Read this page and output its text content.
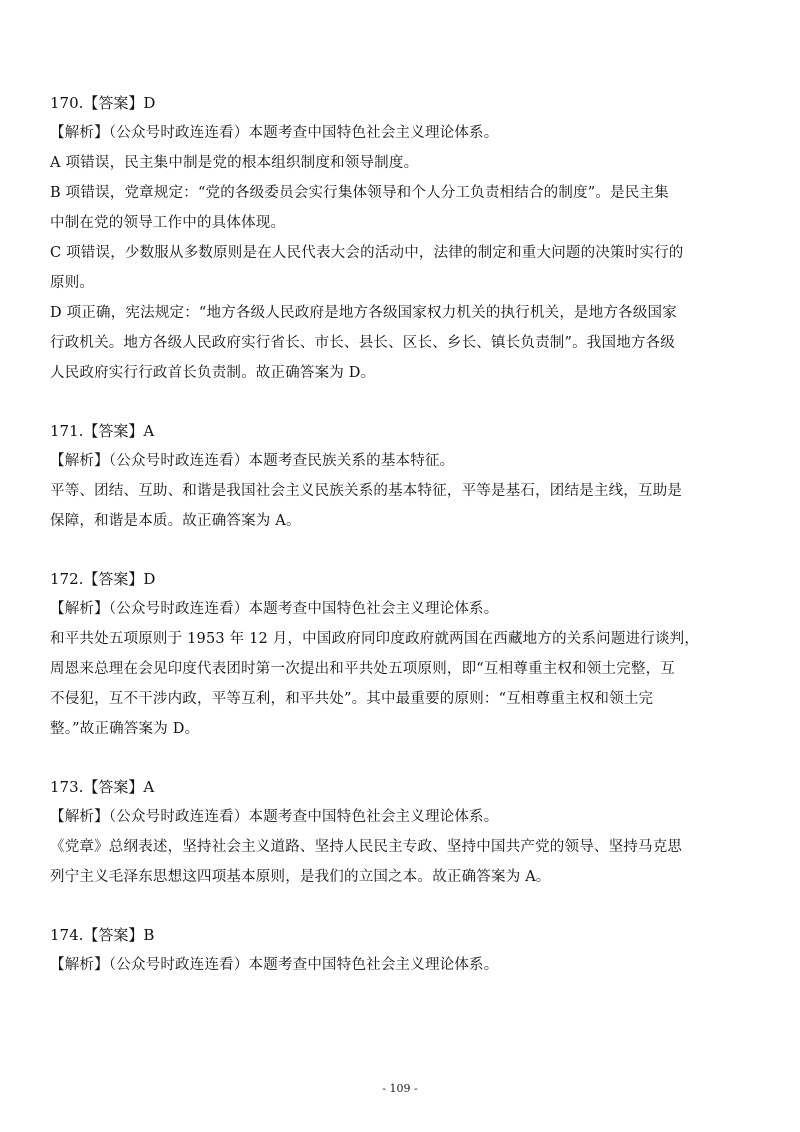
170.【答案】D
【解析】（公众号时政连连看）本题考查中国特色社会主义理论体系。
A 项错误，民主集中制是党的根本组织制度和领导制度。
B 项错误，党章规定：“党的各级委员会实行集体领导和个人分工负责相结合的制度”。是民主集
中制在党的领导工作中的具体体现。
C 项错误，少数服从多数原则是在人民代表大会的活动中，法律的制定和重大问题的决策时实行的
原则。
D 项正确，宪法规定：“地方各级人民政府是地方各级国家权力机关的执行机关，是地方各级国家
行政机关。地方各级人民政府实行省长、市长、县长、区长、乡长、镇长负责制”。我国地方各级
人民政府实行行政首长负责制。故正确答案为 D。
171.【答案】A
【解析】（公众号时政连连看）本题考查民族关系的基本特征。
平等、团结、互助、和谐是我国社会主义民族关系的基本特征，平等是基石，团结是主线，互助是
保障，和谐是本质。故正确答案为 A。
172.【答案】D
【解析】（公众号时政连连看）本题考查中国特色社会主义理论体系。
和平共处五项原则于 1953 年 12 月，中国政府同印度政府就两国在西藏地方的关系问题进行谈判，
周恩来总理在会见印度代表团时第一次提出和平共处五项原则，即“互相尊重主权和领土完整，互
不侵犯，互不干涉内政，平等互利，和平共处”。其中最重要的原则：“互相尊重主权和领土完
整。”故正确答案为 D。
173.【答案】A
【解析】（公众号时政连连看）本题考查中国特色社会主义理论体系。
《党章》总纲表述，坚持社会主义道路、坚持人民民主专政、坚持中国共产党的领导、坚持马克思
列宁主义毛泽东思想这四项基本原则，是我们的立国之本。故正确答案为 A。
174.【答案】B
【解析】（公众号时政连连看）本题考查中国特色社会主义理论体系。
- 109 -
